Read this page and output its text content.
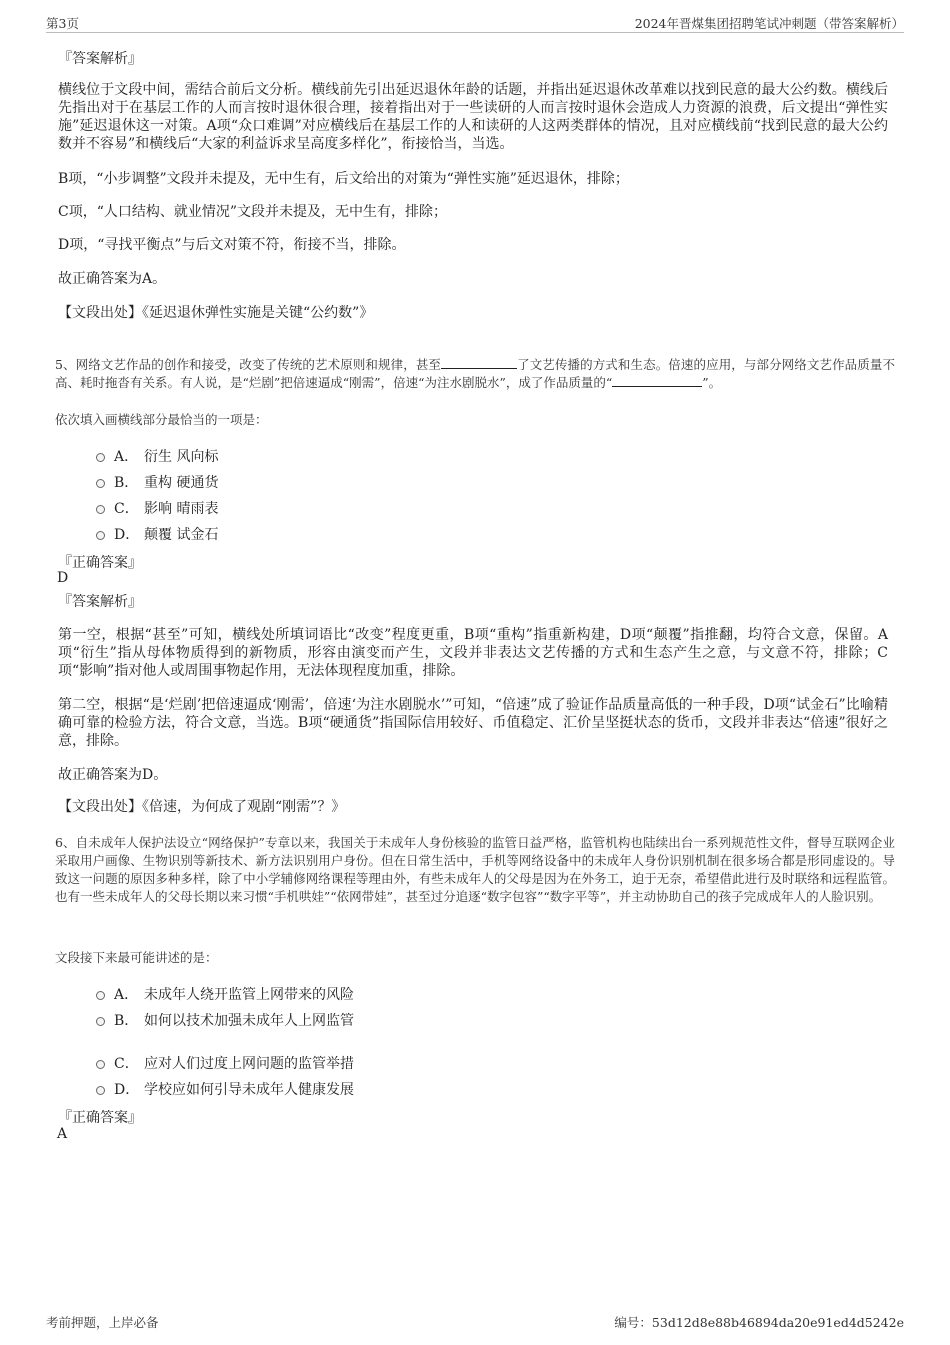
第3页	2024年晋煤集团招聘笔试冲刺题（带答案解析）
『答案解析』
横线位于文段中间，需结合前后文分析。横线前先引出延迟退休年龄的话题，并指出延迟退休改革难以找到民意的最大公约数。横线后先指出对于在基层工作的人而言按时退休很合理，接着指出对于一些读研的人而言按时退休会造成人力资源的浪费，后文提出“弹性实施”延迟退休这一对策。A项“众口难调”对应横线后在基层工作的人和读研的人这两类群体的情况，且对应横线前“找到民意的最大公约数并不容易”和横线后“大家的利益诉求呈高度多样化”，衔接恰当，当选。
B项，“小步调整”文段并未提及，无中生有，后文给出的对策为“弹性实施”延迟退休，排除；
C项，“人口结构、就业情况”文段并未提及，无中生有，排除；
D项，“寻找平衡点”与后文对策不符，衔接不当，排除。
故正确答案为A。
【文段出处】《延迟退休弹性实施是关键“公约数”》
5、网络文艺作品的创作和接受，改变了传统的艺术原则和规律，甚至	了文艺传播的方式和生态。倍速的应用，与部分网络文艺作品质量不高、耗时拖沓有关系。有人说，是“烂剧”把倍速逼成“刚需”，倍速“为注水剧脱水”，成了作品质量的“	”。
依次填入画横线部分最恰当的一项是：
A． 衍生 风向标
B． 重构 硬通货
C． 影响 晴雨表
D． 颠覆 试金石
『正确答案』
D
『答案解析』
第一空，根据“甚至”可知，横线处所填词语比“改变”程度更重，B项“重构”指重新构建，D项“颠覆”指推翻，均符合文意，保留。A项“衍生”指从母体物质得到的新物质，形容由演变而产生，文段并非表达文艺传播的方式和生态产生之意，与文意不符，排除；C项“影响”指对他人或周围事物起作用，无法体现程度加重，排除。
第二空，根据“是‘烂剧’把倍速逼成‘刚需’，倍速‘为注水剧脱水’”可知，“倍速”成了验证作品质量高低的一种手段，D项“试金石”比喻精确可靠的检验方法，符合文意，当选。B项“硬通货”指国际信用较好、币值稳定、汇价呈坚挺状态的货币，文段并非表达“倍速”很好之意，排除。
故正确答案为D。
【文段出处】《倍速，为何成了观剧“刚需”？》
6、自未成年人保护法设立“网络保护”专章以来，我国关于未成年人身份核验的监管日益严格，监管机构也陆续出台一系列规范性文件，督导互联网企业采取用户画像、生物识别等新技术、新方法识别用户身份。但在日常生活中，手机等网络设备中的未成年人身份识别机制在很多场合都是形同虚设的。导致这一问题的原因多种多样，除了中小学辅修网络课程等理由外，有些未成年人的父母是因为在外务工，迫于无奈，希望借此进行及时联络和远程监管。也有一些未成年人的父母长期以来习惯“手机哄娃”“依网带娃”，甚至过分追逐“数字包容”“数字平等”，并主动协助自己的孩子完成成年人的人脸识别。
文段接下来最可能讲述的是：
A． 未成年人绕开监管上网带来的风险
B． 如何以技术加强未成年人上网监管
C． 应对人们过度上网问题的监管举措
D． 学校应如何引导未成年人健康发展
『正确答案』
A
考前押题，上岸必备	编号：53d12d8e88b46894da20e91ed4d5242e
